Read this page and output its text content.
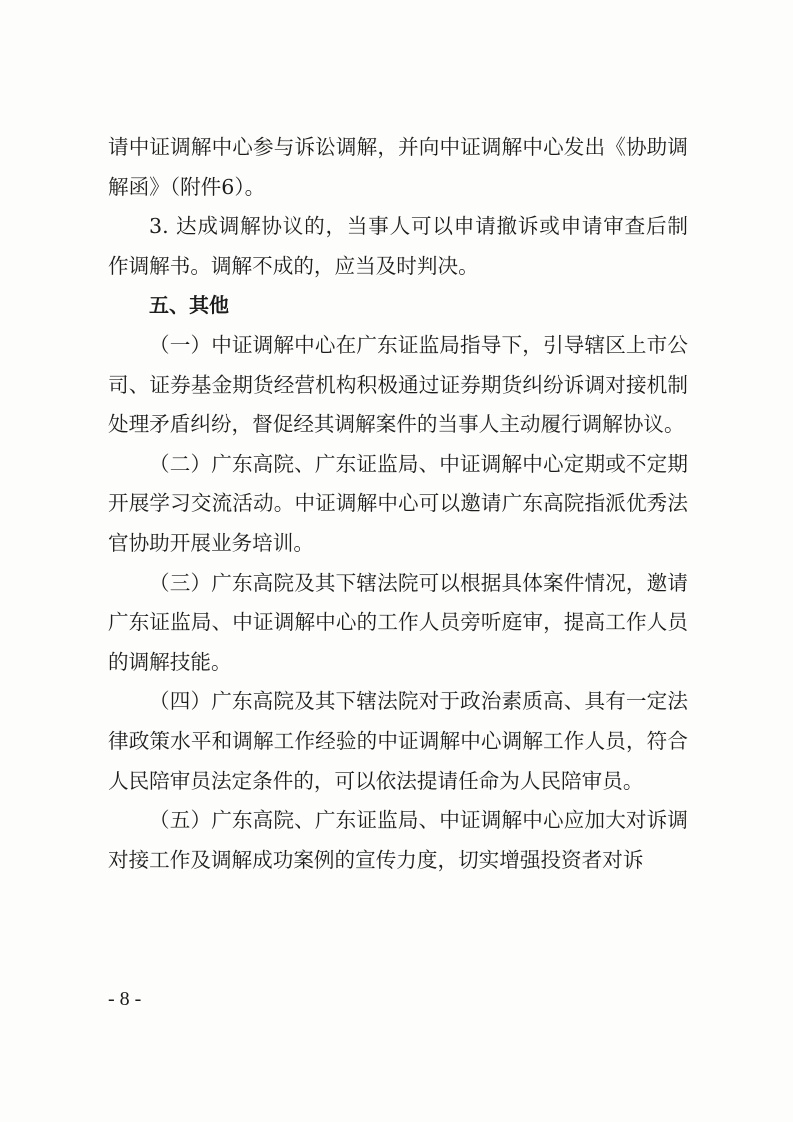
请中证调解中心参与诉讼调解，并向中证调解中心发出《协助调解函》（附件6）。

3. 达成调解协议的，当事人可以申请撤诉或申请审查后制作调解书。调解不成的，应当及时判决。

五、其他

（一）中证调解中心在广东证监局指导下，引导辖区上市公司、证券基金期货经营机构积极通过证券期货纠纷诉调对接机制处理矛盾纠纷，督促经其调解案件的当事人主动履行调解协议。

（二）广东高院、广东证监局、中证调解中心定期或不定期开展学习交流活动。中证调解中心可以邀请广东高院指派优秀法官协助开展业务培训。

（三）广东高院及其下辖法院可以根据具体案件情况，邀请广东证监局、中证调解中心的工作人员旁听庭审，提高工作人员的调解技能。

（四）广东高院及其下辖法院对于政治素质高、具有一定法律政策水平和调解工作经验的中证调解中心调解工作人员，符合人民陪审员法定条件的，可以依法提请任命为人民陪审员。

（五）广东高院、广东证监局、中证调解中心应加大对诉调对接工作及调解成功案例的宣传力度，切实增强投资者对诉

- 8 -
